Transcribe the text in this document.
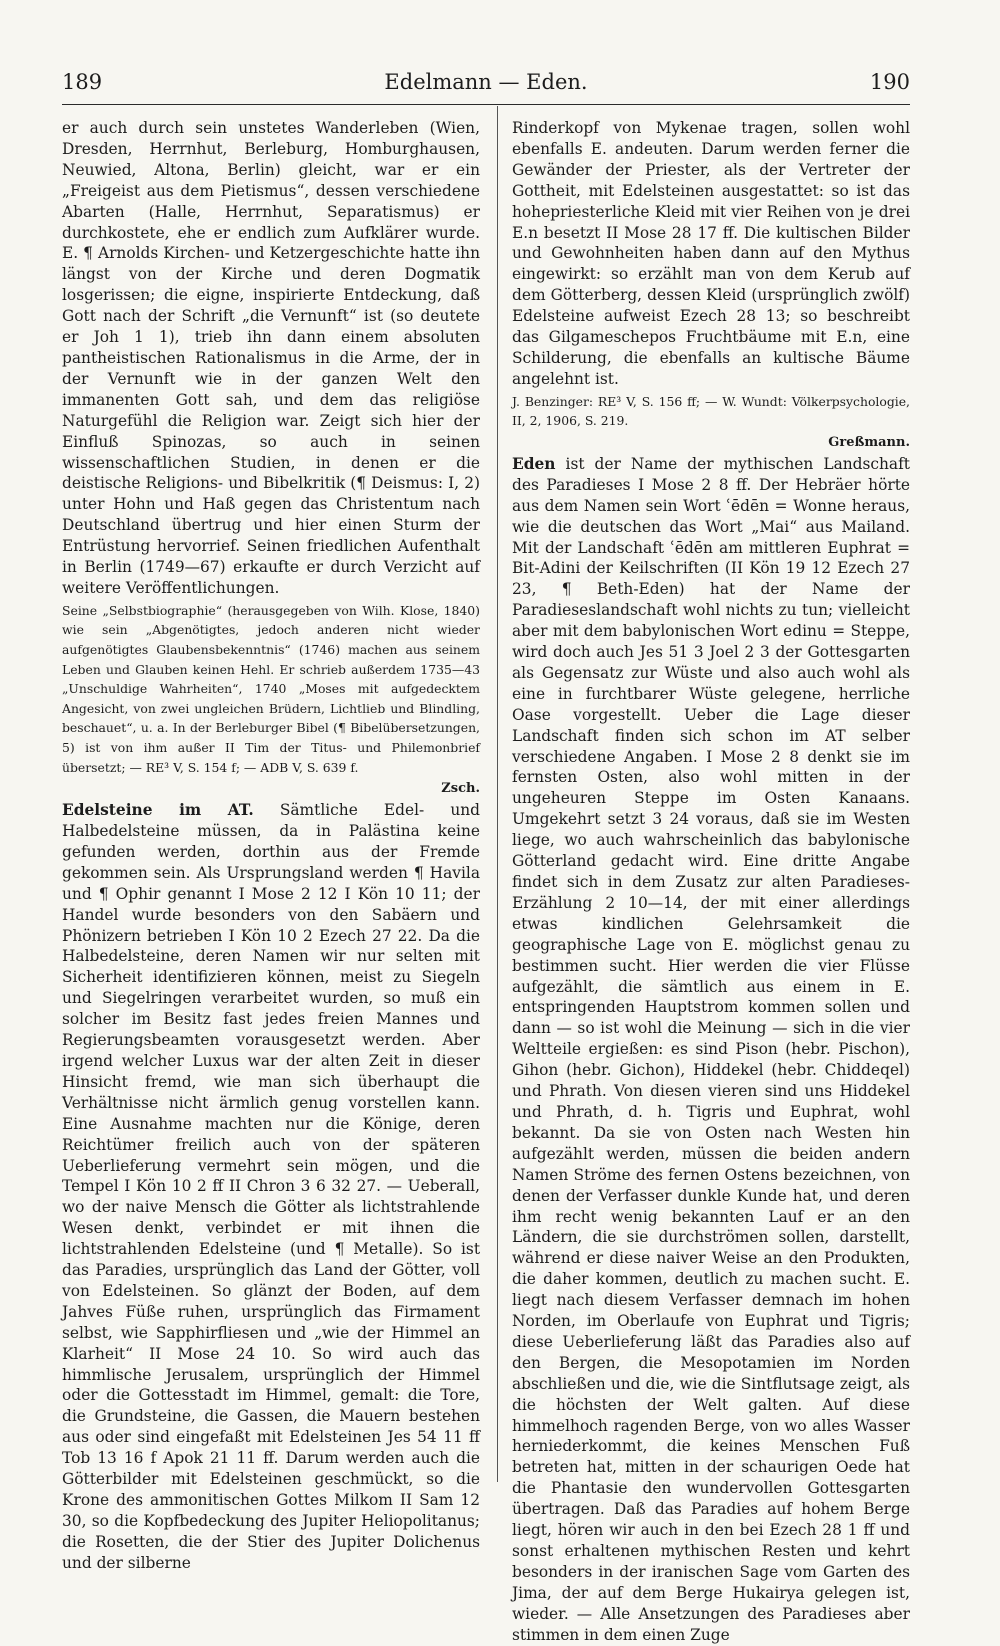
189	Edelmann — Eden.	190

er auch durch sein unstetes Wanderleben (Wien, Dresden, Herrnhut, Berleburg, Homburghausen, Neuwied, Altona, Berlin) gleicht, war er ein „Freigeist aus dem Pietismus“, dessen verschiedene Abarten (Halle, Herrnhut, Separatismus) er durchkostete, ehe er endlich zum Aufklärer wurde. E. ¶ Arnolds Kirchen- und Ketzergeschichte hatte ihn längst von der Kirche und deren Dogmatik losgerissen; die eigne, inspirierte Entdeckung, daß Gott nach der Schrift „die Vernunft“ ist (so deutete er Joh 1 1), trieb ihn dann einem absoluten pantheistischen Rationalismus in die Arme, der in der Vernunft wie in der ganzen Welt den immanenten Gott sah, und dem das religiöse Naturgefühl die Religion war. Zeigt sich hier der Einfluß Spinozas, so auch in seinen wissenschaftlichen Studien, in denen er die deistische Religions- und Bibelkritik (¶ Deismus: I, 2) unter Hohn und Haß gegen das Christentum nach Deutschland übertrug und hier einen Sturm der Entrüstung hervorrief. Seinen friedlichen Aufenthalt in Berlin (1749—67) erkaufte er durch Verzicht auf weitere Veröffentlichungen.

Seine „Selbstbiographie“ (herausgegeben von Wilh. Klose, 1840) wie sein „Abgenötigtes, jedoch anderen nicht wieder aufgenötigtes Glaubensbekenntnis“ (1746) machen aus seinem Leben und Glauben keinen Hehl. Er schrieb außerdem 1735—43 „Unschuldige Wahrheiten“, 1740 „Moses mit aufgedecktem Angesicht, von zwei ungleichen Brüdern, Lichtlieb und Blindling, beschauet“, u. a. In der Berleburger Bibel (¶ Bibelübersetzungen, 5) ist von ihm außer II Tim der Titus- und Philemonbrief übersetzt; — RE³ V, S. 154 f; — ADB V, S. 639 f.

Zsch.

Edelsteine im AT. Sämtliche Edel- und Halbedelsteine müssen, da in Palästina keine gefunden werden, dorthin aus der Fremde gekommen sein. Als Ursprungsland werden ¶ Havila und ¶ Ophir genannt I Mose 2 12 I Kön 10 11; der Handel wurde besonders von den Sabäern und Phönizern betrieben I Kön 10 2 Ezech 27 22. Da die Halbedelsteine, deren Namen wir nur selten mit Sicherheit identifizieren können, meist zu Siegeln und Siegelringen verarbeitet wurden, so muß ein solcher im Besitz fast jedes freien Mannes und Regierungsbeamten vorausgesetzt werden. Aber irgend welcher Luxus war der alten Zeit in dieser Hinsicht fremd, wie man sich überhaupt die Verhältnisse nicht ärmlich genug vorstellen kann. Eine Ausnahme machten nur die Könige, deren Reichtümer freilich auch von der späteren Ueberlieferung vermehrt sein mögen, und die Tempel I Kön 10 2 ff II Chron 3 6 32 27. — Ueberall, wo der naive Mensch die Götter als lichtstrahlende Wesen denkt, verbindet er mit ihnen die lichtstrahlenden Edelsteine (und ¶ Metalle). So ist das Paradies, ursprünglich das Land der Götter, voll von Edelsteinen. So glänzt der Boden, auf dem Jahves Füße ruhen, ursprünglich das Firmament selbst, wie Sapphirfliesen und „wie der Himmel an Klarheit“ II Mose 24 10. So wird auch das himmlische Jerusalem, ursprünglich der Himmel oder die Gottesstadt im Himmel, gemalt: die Tore, die Grundsteine, die Gassen, die Mauern bestehen aus oder sind eingefaßt mit Edelsteinen Jes 54 11 ff Tob 13 16 f Apok 21 11 ff. Darum werden auch die Götterbilder mit Edelsteinen geschmückt, so die Krone des ammonitischen Gottes Milkom II Sam 12 30, so die Kopfbedeckung des Jupiter Heliopolitanus; die Rosetten, die der Stier des Jupiter Dolichenus und der silberne

Rinderkopf von Mykenae tragen, sollen wohl ebenfalls E. andeuten. Darum werden ferner die Gewänder der Priester, als der Vertreter der Gottheit, mit Edelsteinen ausgestattet: so ist das hohepriesterliche Kleid mit vier Reihen von je drei E.n besetzt II Mose 28 17 ff. Die kultischen Bilder und Gewohnheiten haben dann auf den Mythus eingewirkt: so erzählt man von dem Kerub auf dem Götterberg, dessen Kleid (ursprünglich zwölf) Edelsteine aufweist Ezech 28 13; so beschreibt das Gilgameschepos Fruchtbäume mit E.n, eine Schilderung, die ebenfalls an kultische Bäume angelehnt ist.

J. Benzinger: RE³ V, S. 156 ff; — W. Wundt: Völkerpsychologie, II, 2, 1906, S. 219.

Greßmann.

Eden ist der Name der mythischen Landschaft des Paradieses I Mose 2 8 ff. Der Hebräer hörte aus dem Namen sein Wort ʿēdēn = Wonne heraus, wie die deutschen das Wort „Mai“ aus Mailand. Mit der Landschaft ʿēdēn am mittleren Euphrat = Bit-Adini der Keilschriften (II Kön 19 12 Ezech 27 23, ¶ Beth-Eden) hat der Name der Paradieseslandschaft wohl nichts zu tun; vielleicht aber mit dem babylonischen Wort edinu = Steppe, wird doch auch Jes 51 3 Joel 2 3 der Gottesgarten als Gegensatz zur Wüste und also auch wohl als eine in furchtbarer Wüste gelegene, herrliche Oase vorgestellt. Ueber die Lage dieser Landschaft finden sich schon im AT selber verschiedene Angaben. I Mose 2 8 denkt sie im fernsten Osten, also wohl mitten in der ungeheuren Steppe im Osten Kanaans. Umgekehrt setzt 3 24 voraus, daß sie im Westen liege, wo auch wahrscheinlich das babylonische Götterland gedacht wird. Eine dritte Angabe findet sich in dem Zusatz zur alten Paradieses-Erzählung 2 10—14, der mit einer allerdings etwas kindlichen Gelehrsamkeit die geographische Lage von E. möglichst genau zu bestimmen sucht. Hier werden die vier Flüsse aufgezählt, die sämtlich aus einem in E. entspringenden Hauptstrom kommen sollen und dann — so ist wohl die Meinung — sich in die vier Weltteile ergießen: es sind Pison (hebr. Pischon), Gihon (hebr. Gichon), Hiddekel (hebr. Chiddeqel) und Phrath. Von diesen vieren sind uns Hiddekel und Phrath, d. h. Tigris und Euphrat, wohl bekannt. Da sie von Osten nach Westen hin aufgezählt werden, müssen die beiden andern Namen Ströme des fernen Ostens bezeichnen, von denen der Verfasser dunkle Kunde hat, und deren ihm recht wenig bekannten Lauf er an den Ländern, die sie durchströmen sollen, darstellt, während er diese naiver Weise an den Produkten, die daher kommen, deutlich zu machen sucht. E. liegt nach diesem Verfasser demnach im hohen Norden, im Oberlaufe von Euphrat und Tigris; diese Ueberlieferung läßt das Paradies also auf den Bergen, die Mesopotamien im Norden abschließen und die, wie die Sintflutsage zeigt, als die höchsten der Welt galten. Auf diese himmelhoch ragenden Berge, von wo alles Wasser herniederkommt, die keines Menschen Fuß betreten hat, mitten in der schaurigen Oede hat die Phantasie den wundervollen Gottesgarten übertragen. Daß das Paradies auf hohem Berge liegt, hören wir auch in den bei Ezech 28 1 ff und sonst erhaltenen mythischen Resten und kehrt besonders in der iranischen Sage vom Garten des Jima, der auf dem Berge Hukairya gelegen ist, wieder. — Alle Ansetzungen des Paradieses aber stimmen in dem einen Zuge
